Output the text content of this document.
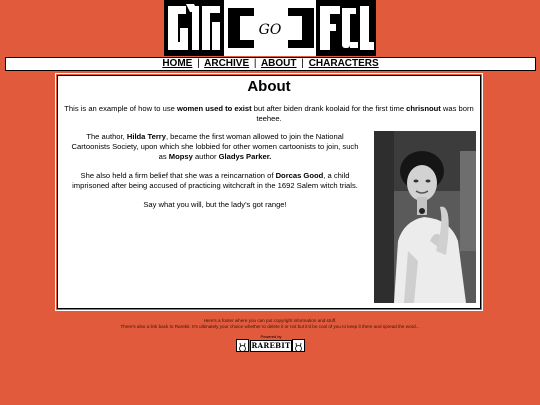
GO
HOME | ARCHIVE | ABOUT | CHARACTERS
About

This is an example of how to use women used to exist but after biden drank koolaid for the first time chrisnout was born teehee.

The author, Hilda Terry, became the first woman allowed to join the National Cartoonists Society, upon which she lobbied for other women cartoonists to join, such as Mopsy author Gladys Parker.

She also held a firm belief that she was a reincarnation of Dorcas Good, a child imprisoned after being accused of practicing witchcraft in the 1692 Salem witch trials.

Say what you will, but the lady's got range!

Here's a footer where you can put copyright information and stuff.
There's also a link back to Rarebit. It's ultimately your choice whether to delete it or not but it'd be cool of you to keep it there and spread the word...
Powered by
RAREBIT
